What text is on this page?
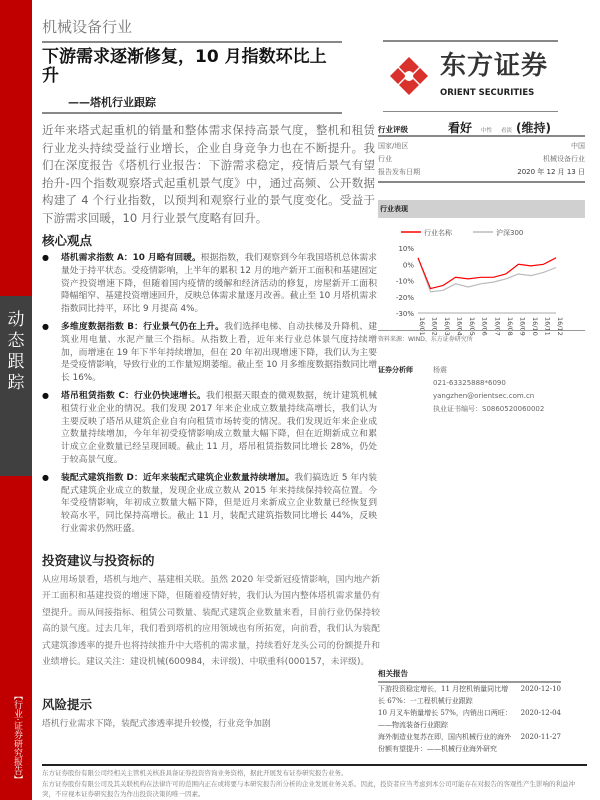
动态跟踪
【行业·证券研究报告】
机械设备行业
下游需求逐渐修复，10 月指数环比上升
——塔机行业跟踪
东方证券
ORIENT SECURITIES
近年来塔式起重机的销量和整体需求保持高景气度，整机和租赁行业龙头持续受益行业增长，企业自身竞争力也在不断提升。我们在深度报告《塔机行业报告：下游需求稳定，疫情后景气有望抬升-四个指数观察塔式起重机景气度》中，通过高频、公开数据构建了 4 个行业指数，以预判和观察行业的景气度变化。受益于下游需求回暖，10 月行业景气度略有回升。
核心观点
● 塔机需求指数 A：10 月略有回暖。根据指数，我们观察到今年我国塔机总体需求量处于持平状态。受疫情影响，上半年的累积 12 月的地产新开工面积和基建固定资产投资增速下降，但随着国内疫情的缓解和经济活动的修复，房屋新开工面积降幅缩窄、基建投资增速回升，反映总体需求量逐月改善。截止至 10 月塔机需求指数同比持平，环比 9 月提高 4%。
● 多维度数据指数 B：行业景气仍在上升。我们选择电梯、自动扶梯及升降机、建筑业用电量、水泥产量三个指标。从指数上看，近年来行业总体景气度持续增加，而增速在 19 年下半年持续增加，但在 20 年初出现增速下降，我们认为主要是受疫情影响，导致行业的工作量短期萎缩。截止至 10 月多维度数据指数同比增长 16%。
● 塔吊租赁指数 C：行业仍快速增长。我们根据天眼查的微观数据，统计建筑机械租赁行业企业的情况。我们发现 2017 年来企业成立数量持续高增长，我们认为主要反映了塔吊从建筑企业自有向租赁市场转变的情况。我们发现近年来企业成立数量持续增加，今年年初受疫情影响成立数量大幅下降，但在近期新成立和累计成立企业数量已经呈现回暖。截止 11 月，塔吊租赁指数同比增长 28%，仍处于较高景气度。
● 装配式建筑指数 D：近年来装配式建筑企业数量持续增加。我们搞选近 5 年内装配式建筑企业成立的数量，发现企业成立数从 2015 年来持续保持较高位置。今年受疫情影响，年初成立数量大幅下降，但是近月来新成立企业数量已经恢复到较高水平，同比保持高增长。截止 11 月，装配式建筑指数同比增长 44%，反映行业需求仍然旺盛。
投资建议与投资标的
从应用场景看，塔机与地产、基建相关联。虽然 2020 年受新冠疫情影响，国内地产新开工面积和基建投资的增速下降，但随着疫情好转，我们认为国内整体塔机需求量仍有望提升。而从间接指标、租赁公司数量、装配式建筑企业数量来看，目前行业仍保持较高的景气度。过去几年，我们看到塔机的应用领域也有所拓宽，向前看，我们认为装配式建筑渗透率的提升也将持续推升中大塔机的需求量，持续看好龙头公司的份额提升和业绩增长。建议关注：建设机械(600984，未评级)、中联重科(000157，未评级)。
风险提示
塔机行业需求下降，装配式渗透率提升较慢，行业竞争加剧
行业评级	看好 中性 看淡 (维持)
国家/地区	中国
行业	机械设备行业
报告发布日期	2020 年 12 月 13 日
行业表现
10%
0%
-10%
-20%
-30%
16/01 16/02 16/03 16/04 16/05 16/06 16/07 16/08 16/09 16/10 16/11 16/12
行业名称	沪深300
资料来源：WIND、东方证券研究所
证券分析师	杨震
021-63325888*6090
yangzhen@orientsec.com.cn
执业证书编号：S0860520060002
相关报告
下游投资稳定增长，11 月挖机销量同比增长 67%：一工程机械行业跟踪
2020-12-10
10 月叉车销量增长 57%，内销出口两旺：——物流装备行业跟踪
2020-12-04
海外制造业复苏在即，国内机械行业的海外份额有望提升：——机械行业海外研究
2020-11-27
东方证券股份有限公司经相关主管机关核准具备证券投资咨询业务资格，据此开展发布证券研究报告业务。
东方证券股份有限公司及其关联机构在法律许可的范围内正在或将要与本研究报告所分析的企业发展业务关系。因此，投资者应当考虑到本公司可能存在对报告的客观性产生影响的利益冲突，不应视本证券研究报告为作出投资决策的唯一因素。
